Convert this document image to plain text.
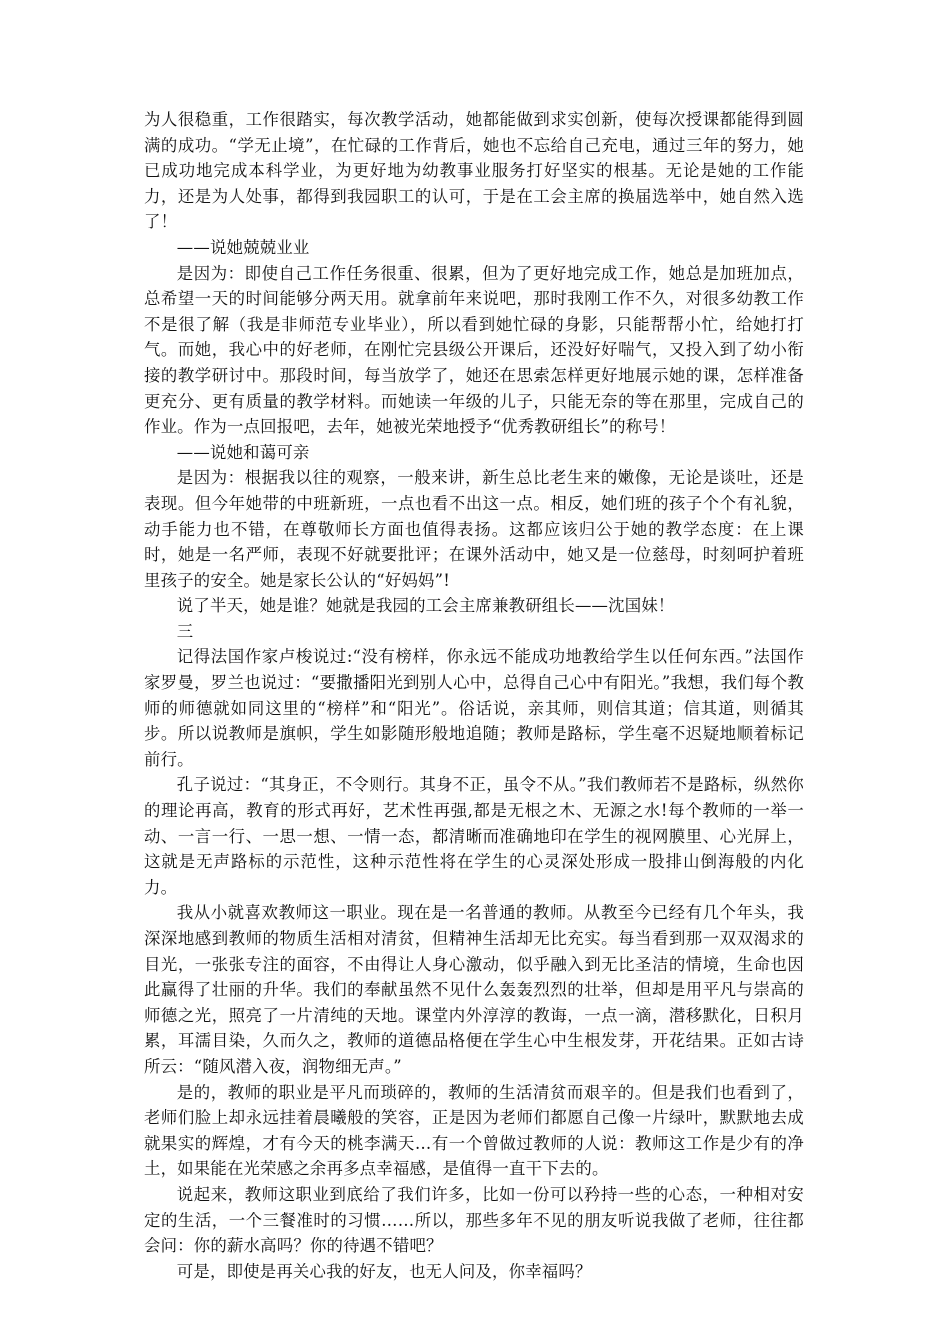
为人很稳重，工作很踏实，每次教学活动，她都能做到求实创新，使每次授课都能得到圆满的成功。“学无止境”，在忙碌的工作背后，她也不忘给自己充电，通过三年的努力，她已成功地完成本科学业，为更好地为幼教事业服务打好坚实的根基。无论是她的工作能力，还是为人处事，都得到我园职工的认可，于是在工会主席的换届选举中，她自然入选了！

——说她兢兢业业

是因为：即使自己工作任务很重、很累，但为了更好地完成工作，她总是加班加点，总希望一天的时间能够分两天用。就拿前年来说吧，那时我刚工作不久，对很多幼教工作不是很了解（我是非师范专业毕业），所以看到她忙碌的身影，只能帮帮小忙，给她打打气。而她，我心中的好老师，在刚忙完县级公开课后，还没好好喘气，又投入到了幼小衔接的教学研讨中。那段时间，每当放学了，她还在思索怎样更好地展示她的课，怎样准备更充分、更有质量的教学材料。而她读一年级的儿子，只能无奈的等在那里，完成自己的作业。作为一点回报吧，去年，她被光荣地授予“优秀教研组长”的称号！

——说她和蔼可亲

是因为：根据我以往的观察，一般来讲，新生总比老生来的嫩像，无论是谈吐，还是表现。但今年她带的中班新班，一点也看不出这一点。相反，她们班的孩子个个有礼貌，动手能力也不错，在尊敬师长方面也值得表扬。这都应该归公于她的教学态度：在上课时，她是一名严师，表现不好就要批评；在课外活动中，她又是一位慈母，时刻呵护着班里孩子的安全。她是家长公认的“好妈妈”!

说了半天，她是谁？她就是我园的工会主席兼教研组长——沈国妹！

三

记得法国作家卢梭说过:“没有榜样，你永远不能成功地教给学生以任何东西。”法国作家罗曼，罗兰也说过：“要撒播阳光到别人心中，总得自己心中有阳光。”我想，我们每个教师的师德就如同这里的“榜样”和“阳光”。俗话说，亲其师，则信其道；信其道，则循其步。所以说教师是旗帜，学生如影随形般地追随；教师是路标，学生毫不迟疑地顺着标记前行。

孔子说过：“其身正，不令则行。其身不正，虽令不从。”我们教师若不是路标，纵然你的理论再高，教育的形式再好，艺术性再强,都是无根之木、无源之水!每个教师的一举一动、一言一行、一思一想、一情一态，都清晰而准确地印在学生的视网膜里、心光屏上，这就是无声路标的示范性，这种示范性将在学生的心灵深处形成一股排山倒海般的内化力。

我从小就喜欢教师这一职业。现在是一名普通的教师。从教至今已经有几个年头，我深深地感到教师的物质生活相对清贫，但精神生活却无比充实。每当看到那一双双渴求的目光，一张张专注的面容，不由得让人身心激动，似乎融入到无比圣洁的情境，生命也因此赢得了壮丽的升华。我们的奉献虽然不见什么轰轰烈烈的壮举，但却是用平凡与崇高的师德之光，照亮了一片清纯的天地。课堂内外淳淳的教诲，一点一滴，潜移默化，日积月累，耳濡目染，久而久之，教师的道德品格便在学生心中生根发芽，开花结果。正如古诗所云：“随风潜入夜，润物细无声。”

是的，教师的职业是平凡而琐碎的，教师的生活清贫而艰辛的。但是我们也看到了，老师们脸上却永远挂着晨曦般的笑容，正是因为老师们都愿自己像一片绿叶，默默地去成就果实的辉煌，才有今天的桃李满天…有一个曾做过教师的人说：教师这工作是少有的净土，如果能在光荣感之余再多点幸福感，是值得一直干下去的。

说起来，教师这职业到底给了我们许多，比如一份可以矜持一些的心态，一种相对安定的生活，一个三餐准时的习惯……所以，那些多年不见的朋友听说我做了老师，往往都会问：你的薪水高吗？你的待遇不错吧？

可是，即使是再关心我的好友，也无人问及，你幸福吗？
